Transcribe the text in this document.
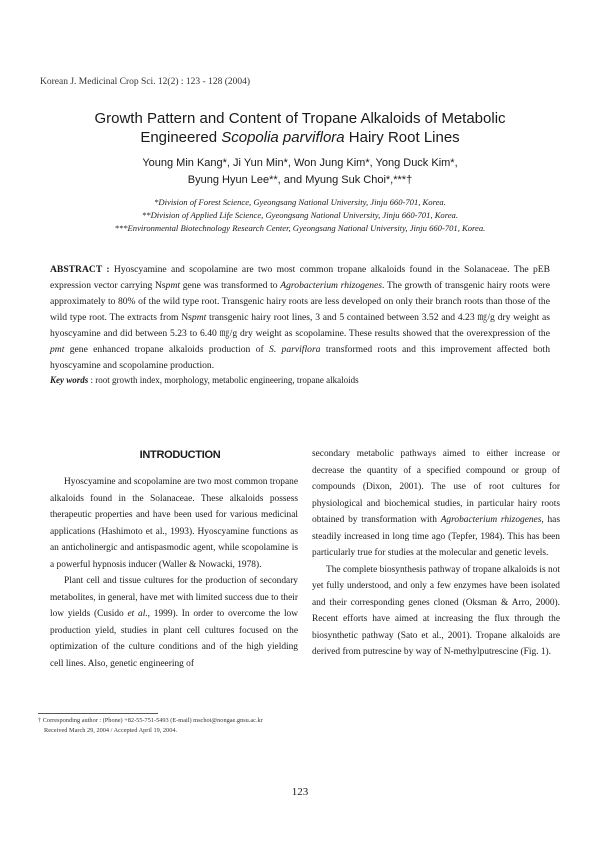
Korean J. Medicinal Crop Sci. 12(2) : 123 - 128 (2004)
Growth Pattern and Content of Tropane Alkaloids of Metabolic
Engineered Scopolia parviflora Hairy Root Lines
Young Min Kang*, Ji Yun Min*, Won Jung Kim*, Yong Duck Kim*,
Byung Hyun Lee**, and Myung Suk Choi*,***†
*Division of Forest Science, Gyeongsang National University, Jinju 660-701, Korea.
**Division of Applied Life Science, Gyeongsang National University, Jinju 660-701, Korea.
***Environmental Biotechnology Research Center, Gyeongsang National University, Jinju 660-701, Korea.
ABSTRACT : Hyoscyamine and scopolamine are two most common tropane alkaloids found in the Solanaceae. The pEB expression vector carrying Nspmt gene was transformed to Agrobacterium rhizogenes. The growth of transgenic hairy roots were approximately to 80% of the wild type root. Transgenic hairy roots are less developed on only their branch roots than those of the wild type root. The extracts from Nspmt transgenic hairy root lines, 3 and 5 contained between 3.52 and 4.23 ㎎/g dry weight as hyoscyamine and did between 5.23 to 6.40 ㎎/g dry weight as scopolamine. These results showed that the overexpression of the pmt gene enhanced tropane alkaloids production of S. parviflora transformed roots and this improvement affected both hyoscyamine and scopolamine production.
Key words : root growth index, morphology, metabolic engineering, tropane alkaloids
INTRODUCTION

Hyoscyamine and scopolamine are two most common tropane alkaloids found in the Solanaceae. These alkaloids possess therapeutic properties and have been used for various medicinal applications (Hashimoto et al., 1993). Hyoscyamine functions as an anticholinergic and antispasmodic agent, while scopolamine is a powerful hypnosis inducer (Waller & Nowacki, 1978).

Plant cell and tissue cultures for the production of secondary metabolites, in general, have met with limited success due to their low yields (Cusido et al., 1999). In order to overcome the low production yield, studies in plant cell cultures focused on the optimization of the culture conditions and of the high yielding cell lines. Also, genetic engineering of

secondary metabolic pathways aimed to either increase or decrease the quantity of a specified compound or group of compounds (Dixon, 2001). The use of root cultures for physiological and biochemical studies, in particular hairy roots obtained by transformation with Agrobacterium rhizogenes, has steadily increased in long time ago (Tepfer, 1984). This has been particularly true for studies at the molecular and genetic levels.

The complete biosynthesis pathway of tropane alkaloids is not yet fully understood, and only a few enzymes have been isolated and their corresponding genes cloned (Oksman & Arro, 2000). Recent efforts have aimed at increasing the flux through the biosynthetic pathway (Sato et al., 2001). Tropane alkaloids are derived from putrescine by way of N-methylputrescine (Fig. 1).

† Corresponding author : (Phone) +82-55-751-5493 (E-mail) mschoi@nongae.gnsu.ac.kr
Received March 29, 2004 / Accepted April 19, 2004.
123
